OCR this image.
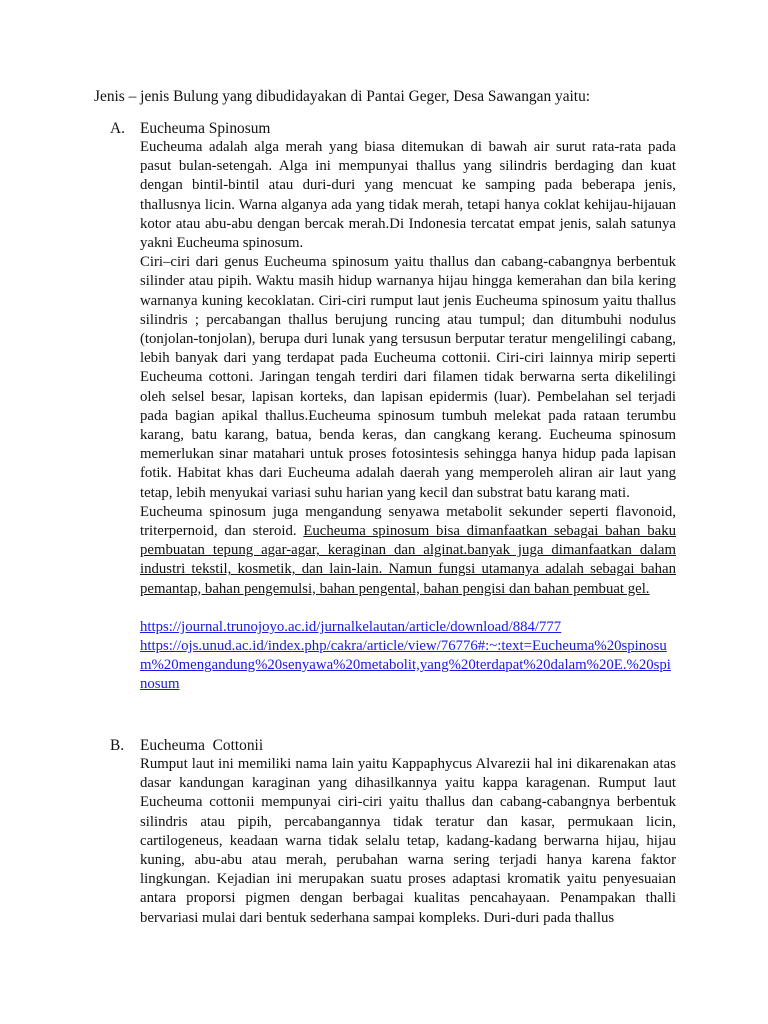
Jenis – jenis Bulung yang dibudidayakan di Pantai Geger, Desa Sawangan yaitu:

A. Eucheuma Spinosum

Eucheuma adalah alga merah yang biasa ditemukan di bawah air surut rata-rata pada pasut bulan-setengah. Alga ini mempunyai thallus yang silindris berdaging dan kuat dengan bintil-bintil atau duri-duri yang mencuat ke samping pada beberapa jenis, thallusnya licin. Warna alganya ada yang tidak merah, tetapi hanya coklat kehijau-hijauan kotor atau abu-abu dengan bercak merah.Di Indonesia tercatat empat jenis, salah satunya yakni Eucheuma spinosum.

Ciri–ciri dari genus Eucheuma spinosum yaitu thallus dan cabang-cabangnya berbentuk silinder atau pipih. Waktu masih hidup warnanya hijau hingga kemerahan dan bila kering warnanya kuning kecoklatan. Ciri-ciri rumput laut jenis Eucheuma spinosum yaitu thallus silindris ; percabangan thallus berujung runcing atau tumpul; dan ditumbuhi nodulus (tonjolan-tonjolan), berupa duri lunak yang tersusun berputar teratur mengelilingi cabang, lebih banyak dari yang terdapat pada Eucheuma cottonii. Ciri-ciri lainnya mirip seperti Eucheuma cottoni. Jaringan tengah terdiri dari filamen tidak berwarna serta dikelilingi oleh selsel besar, lapisan korteks, dan lapisan epidermis (luar). Pembelahan sel terjadi pada bagian apikal thallus.Eucheuma spinosum tumbuh melekat pada rataan terumbu karang, batu karang, batua, benda keras, dan cangkang kerang. Eucheuma spinosum memerlukan sinar matahari untuk proses fotosintesis sehingga hanya hidup pada lapisan fotik. Habitat khas dari Eucheuma adalah daerah yang memperoleh aliran air laut yang tetap, lebih menyukai variasi suhu harian yang kecil dan substrat batu karang mati.

Eucheuma spinosum juga mengandung senyawa metabolit sekunder seperti flavonoid, triterpernoid, dan steroid. Eucheuma spinosum bisa dimanfaatkan sebagai bahan baku pembuatan tepung agar-agar, keraginan dan alginat.banyak juga dimanfaatkan dalam industri tekstil, kosmetik, dan lain-lain. Namun fungsi utamanya adalah sebagai bahan pemantap, bahan pengemulsi, bahan pengental, bahan pengisi dan bahan pembuat gel.

https://journal.trunojoyo.ac.id/jurnalkelautan/article/download/884/777
https://ojs.unud.ac.id/index.php/cakra/article/view/76776#:~:text=Eucheuma%20spinosum%20mengandung%20senyawa%20metabolit,yang%20terdapat%20dalam%20E.%20spinosum
B. Eucheuma  Cottonii

Rumput laut ini memiliki nama lain yaitu Kappaphycus Alvarezii hal ini dikarenakan atas dasar kandungan karaginan yang dihasilkannya yaitu kappa karagenan. Rumput laut Eucheuma cottonii mempunyai ciri-ciri yaitu thallus dan cabang-cabangnya berbentuk silindris atau pipih, percabangannya tidak teratur dan kasar, permukaan licin, cartilogeneus, keadaan warna tidak selalu tetap, kadang-kadang berwarna hijau, hijau kuning, abu-abu atau merah, perubahan warna sering terjadi hanya karena faktor lingkungan. Kejadian ini merupakan suatu proses adaptasi kromatik yaitu penyesuaian antara proporsi pigmen dengan berbagai kualitas pencahayaan. Penampakan thalli bervariasi mulai dari bentuk sederhana sampai kompleks. Duri-duri pada thallus
